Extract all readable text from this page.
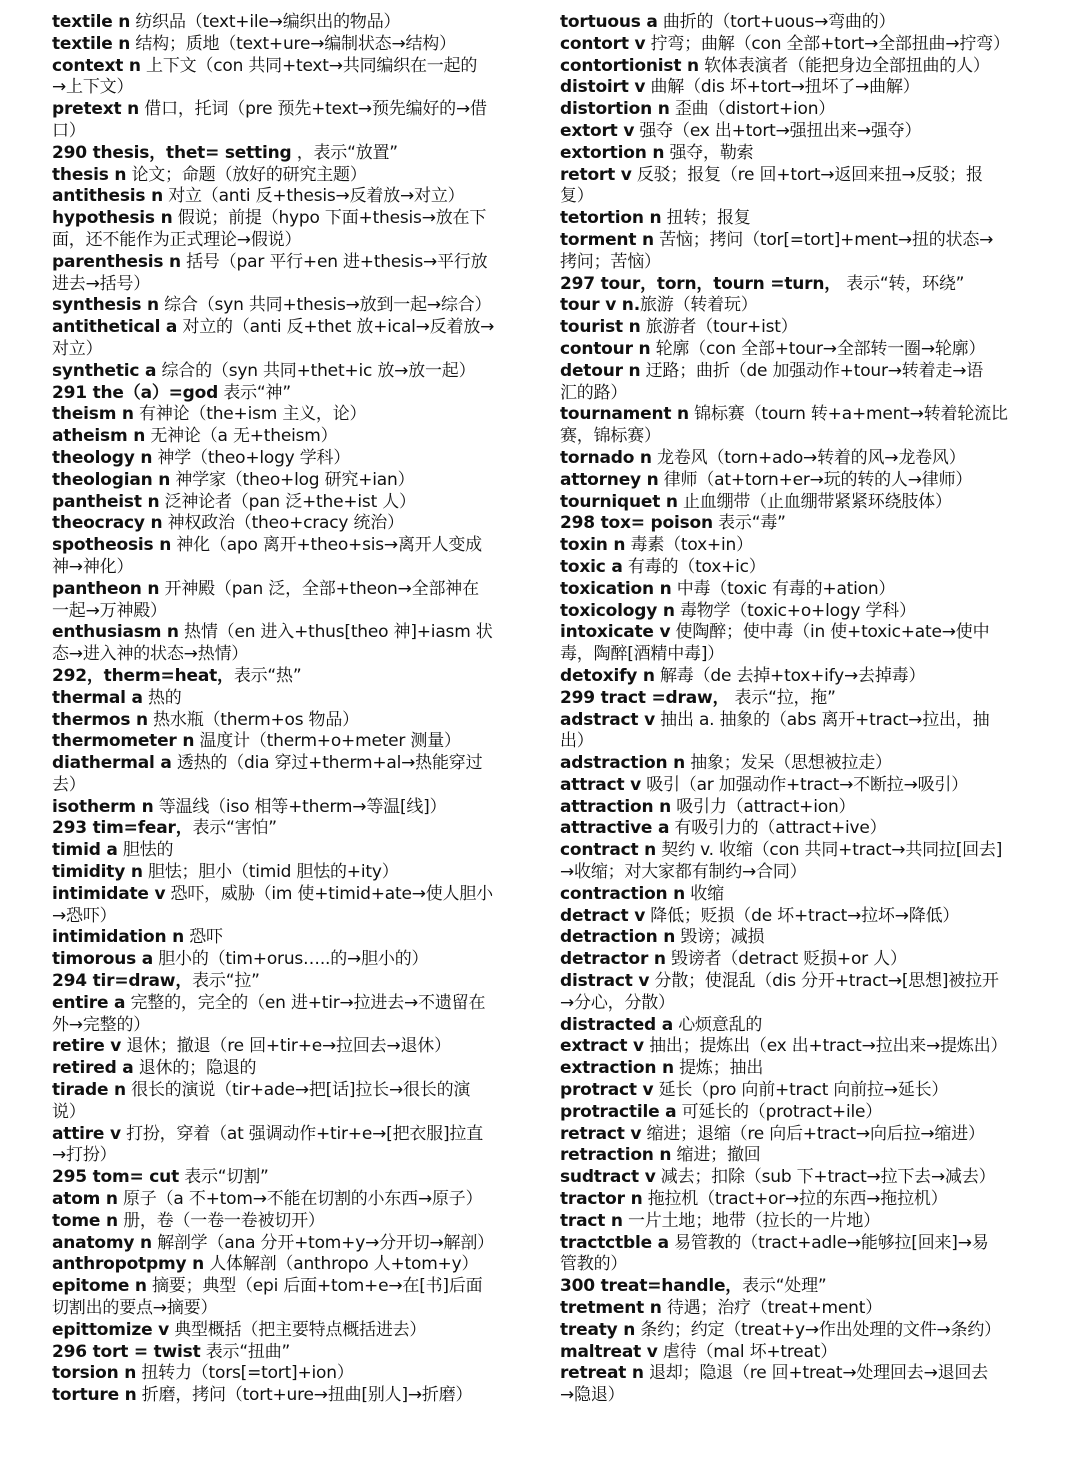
textile n 纺织品（text+ile→编织出的物品）
textile n 结构；质地（text+ure→编制状态→结构）
context n 上下文（con 共同+text→共同编织在一起的
→上下文）
pretext n 借口，托词（pre 预先+text→预先编好的→借
口）
290 thesis，thet= setting ，表示“放置”
thesis n 论文；命题（放好的研究主题）
antithesis n 对立（anti 反+thesis→反着放→对立）
hypothesis n 假说；前提（hypo 下面+thesis→放在下
面，还不能作为正式理论→假说）
parenthesis n 括号（par 平行+en 进+thesis→平行放
进去→括号）
synthesis n 综合（syn 共同+thesis→放到一起→综合）
antithetical a 对立的（anti 反+thet 放+ical→反着放→
对立）
synthetic a 综合的（syn 共同+thet+ic 放→放一起）
291 the（a）=god 表示“神”
theism n 有神论（the+ism 主义，论）
atheism n 无神论（a 无+theism）
theology n 神学（theo+logy 学科）
theologian n 神学家（theo+log 研究+ian）
pantheist n 泛神论者（pan 泛+the+ist 人）
theocracy n 神权政治（theo+cracy 统治）
spotheosis n 神化（apo 离开+theo+sis→离开人变成
神→神化）
pantheon n 开神殿（pan 泛，全部+theon→全部神在
一起→万神殿）
enthusiasm n 热情（en 进入+thus[theo 神]+iasm 状
态→进入神的状态→热情）
292，therm=heat，表示“热”
thermal a 热的
thermos n 热水瓶（therm+os 物品）
thermometer n 温度计（therm+o+meter 测量）
diathermal a 透热的（dia 穿过+therm+al→热能穿过
去）
isotherm n 等温线（iso 相等+therm→等温[线]）
293 tim=fear，表示“害怕”
timid a 胆怯的
timidity n 胆怯；胆小（timid 胆怯的+ity）
intimidate v 恐吓，威胁（im 使+timid+ate→使人胆小
→恐吓）
intimidation n 恐吓
timorous a 胆小的（tim+orus…..的→胆小的）
294 tir=draw，表示“拉”
entire a 完整的，完全的（en 进+tir→拉进去→不遗留在
外→完整的）
retire v 退休；撤退（re 回+tir+e→拉回去→退休）
retired a 退休的；隐退的
tirade n 很长的演说（tir+ade→把[话]拉长→很长的演
说）
attire v 打扮，穿着（at 强调动作+tir+e→[把衣服]拉直
→打扮）
295 tom= cut 表示“切割”
atom n 原子（a 不+tom→不能在切割的小东西→原子）
tome n 册，卷（一卷一卷被切开）
anatomy n 解剖学（ana 分开+tom+y→分开切→解剖）
anthropotpmy n 人体解剖（anthropo 人+tom+y）
epitome n 摘要；典型（epi 后面+tom+e→在[书]后面
切割出的要点→摘要）
epittomize v 典型概括（把主要特点概括进去）
296 tort = twist 表示“扭曲”
torsion n 扭转力（tors[=tort]+ion）
torture n 折磨，拷问（tort+ure→扭曲[别人]→折磨）
tortuous a 曲折的（tort+uous→弯曲的）
contort v 拧弯；曲解（con 全部+tort→全部扭曲→拧弯）
contortionist n 软体表演者（能把身边全部扭曲的人）
distoirt v 曲解（dis 坏+tort→扭坏了→曲解）
distortion n 歪曲（distort+ion）
extort v 强夺（ex 出+tort→强扭出来→强夺）
extortion n 强夺，勒索
retort v 反驳；报复（re 回+tort→返回来扭→反驳；报
复）
tetortion n 扭转；报复
torment n 苦恼；拷问（tor[=tort]+ment→扭的状态→
拷问；苦恼）
297 tour，torn，tourn =turn， 表示“转，环绕”
tour v n.旅游（转着玩）
tourist n 旅游者（tour+ist）
contour n 轮廓（con 全部+tour→全部转一圈→轮廓）
detour n 迂路；曲折（de 加强动作+tour→转着走→语
汇的路）
tournament n 锦标赛（tourn 转+a+ment→转着轮流比
赛，锦标赛）
tornado n 龙卷风（torn+ado→转着的风→龙卷风）
attorney n 律师（at+torn+er→玩的转的人→律师）
tourniquet n 止血绷带（止血绷带紧紧环绕肢体）
298 tox= poison 表示“毒”
toxin n 毒素（tox+in）
toxic a 有毒的（tox+ic）
toxication n 中毒（toxic 有毒的+ation）
toxicology n 毒物学（toxic+o+logy 学科）
intoxicate v 使陶醉；使中毒（in 使+toxic+ate→使中
毒，陶醉[酒精中毒]）
detoxify n 解毒（de 去掉+tox+ify→去掉毒）
299 tract =draw， 表示“拉，拖”
adstract v 抽出 a. 抽象的（abs 离开+tract→拉出，抽
出）
adstraction n 抽象；发呆（思想被拉走）
attract v 吸引（ar 加强动作+tract→不断拉→吸引）
attraction n 吸引力（attract+ion）
attractive a 有吸引力的（attract+ive）
contract n 契约 v. 收缩（con 共同+tract→共同拉[回去]
→收缩；对大家都有制约→合同）
contraction n 收缩
detract v 降低；贬损（de 坏+tract→拉坏→降低）
detraction n 毁谤；减损
detractor n 毁谤者（detract 贬损+or 人）
distract v 分散；使混乱（dis 分开+tract→[思想]被拉开
→分心，分散）
distracted a 心烦意乱的
extract v 抽出；提炼出（ex 出+tract→拉出来→提炼出）
extraction n 提炼；抽出
protract v 延长（pro 向前+tract 向前拉→延长）
protractile a 可延长的（protract+ile）
retract v 缩进；退缩（re 向后+tract→向后拉→缩进）
retraction n 缩进；撤回
sudtract v 减去；扣除（sub 下+tract→拉下去→减去）
tractor n 拖拉机（tract+or→拉的东西→拖拉机）
tract n 一片土地；地带（拉长的一片地）
tractctble a 易管教的（tract+adle→能够拉[回来]→易
管教的）
300 treat=handle，表示“处理”
tretment n 待遇；治疗（treat+ment）
treaty n 条约；约定（treat+y→作出处理的文件→条约）
maltreat v 虐待（mal 坏+treat）
retreat n 退却；隐退（re 回+treat→处理回去→退回去
→隐退）
